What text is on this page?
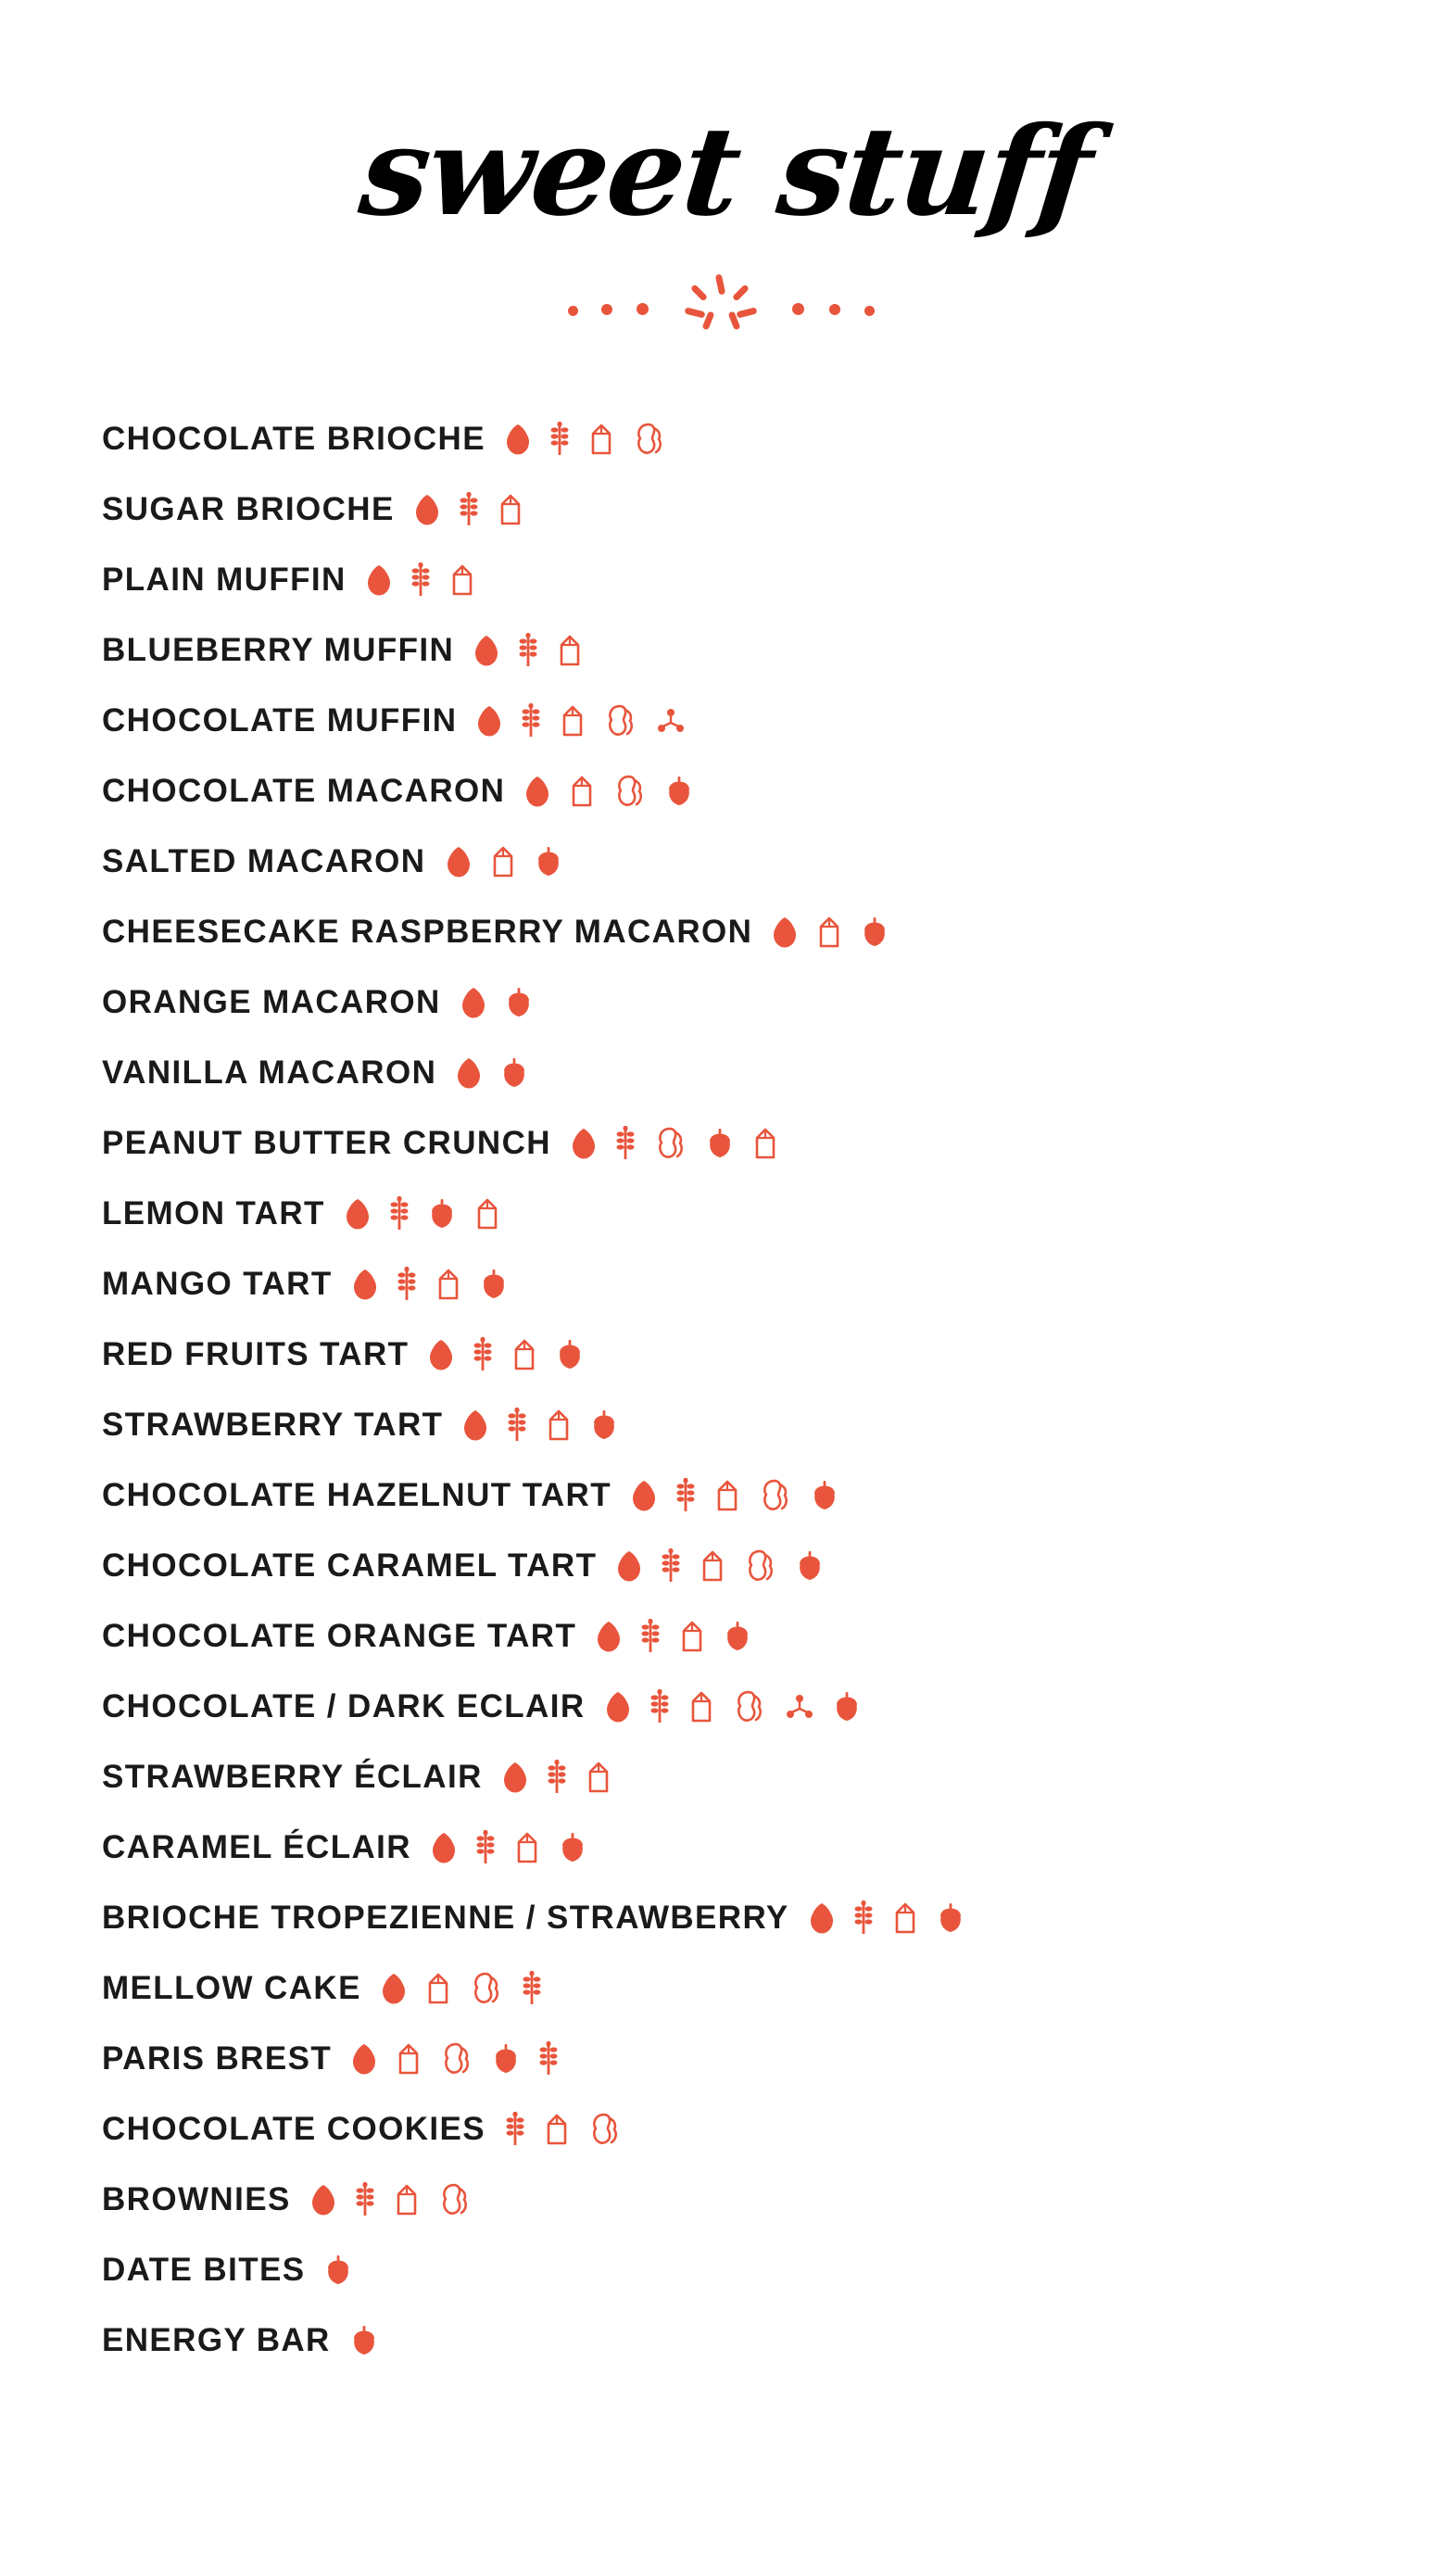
sweet stuff
CHOCOLATE BRIOCHE
SUGAR BRIOCHE
PLAIN MUFFIN
BLUEBERRY MUFFIN
CHOCOLATE MUFFIN
CHOCOLATE MACARON
SALTED MACARON
CHEESECAKE RASPBERRY MACARON
ORANGE MACARON
VANILLA MACARON
PEANUT BUTTER CRUNCH
LEMON TART
MANGO TART
RED FRUITS TART
STRAWBERRY TART
CHOCOLATE HAZELNUT TART
CHOCOLATE CARAMEL TART
CHOCOLATE ORANGE TART
CHOCOLATE / DARK ECLAIR
STRAWBERRY ÉCLAIR
CARAMEL ÉCLAIR
BRIOCHE TROPEZIENNE / STRAWBERRY
MELLOW CAKE
PARIS BREST
CHOCOLATE COOKIES
BROWNIES
DATE BITES
ENERGY BAR
